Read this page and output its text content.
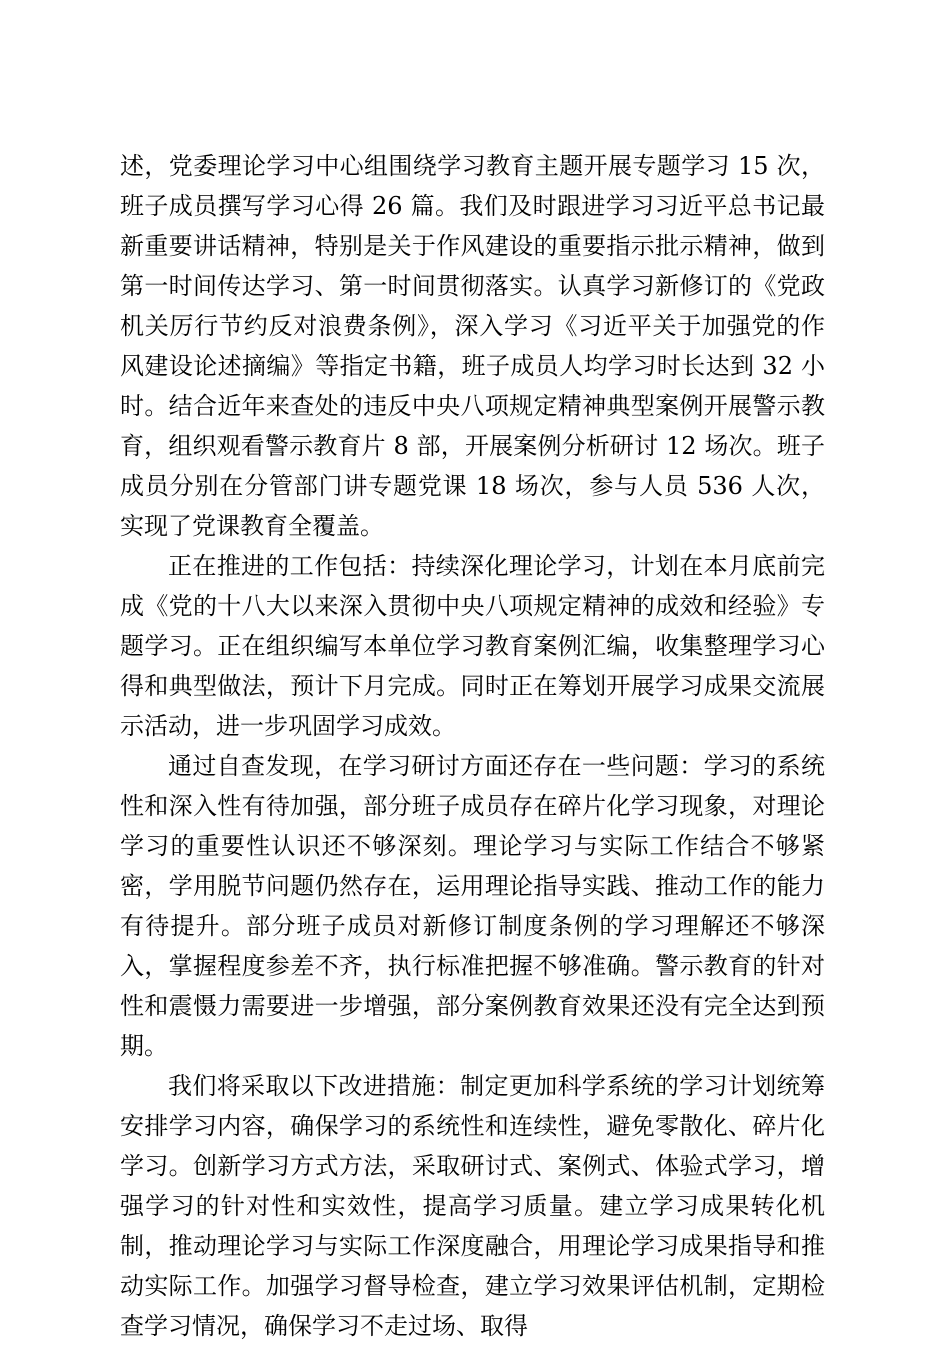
述，党委理论学习中心组围绕学习教育主题开展专题学习 15 次，班子成员撰写学习心得 26 篇。我们及时跟进学习习近平总书记最新重要讲话精神，特别是关于作风建设的重要指示批示精神，做到第一时间传达学习、第一时间贯彻落实。认真学习新修订的《党政机关厉行节约反对浪费条例》，深入学习《习近平关于加强党的作风建设论述摘编》等指定书籍，班子成员人均学习时长达到 32 小时。结合近年来查处的违反中央八项规定精神典型案例开展警示教育，组织观看警示教育片 8 部，开展案例分析研讨 12 场次。班子成员分别在分管部门讲专题党课 18 场次，参与人员 536 人次，实现了党课教育全覆盖。

正在推进的工作包括：持续深化理论学习，计划在本月底前完成《党的十八大以来深入贯彻中央八项规定精神的成效和经验》专题学习。正在组织编写本单位学习教育案例汇编，收集整理学习心得和典型做法，预计下月完成。同时正在筹划开展学习成果交流展示活动，进一步巩固学习成效。

通过自查发现，在学习研讨方面还存在一些问题：学习的系统性和深入性有待加强，部分班子成员存在碎片化学习现象，对理论学习的重要性认识还不够深刻。理论学习与实际工作结合不够紧密，学用脱节问题仍然存在，运用理论指导实践、推动工作的能力有待提升。部分班子成员对新修订制度条例的学习理解还不够深入，掌握程度参差不齐，执行标准把握不够准确。警示教育的针对性和震慑力需要进一步增强，部分案例教育效果还没有完全达到预期。

我们将采取以下改进措施：制定更加科学系统的学习计划统筹安排学习内容，确保学习的系统性和连续性，避免零散化、碎片化学习。创新学习方式方法，采取研讨式、案例式、体验式学习，增强学习的针对性和实效性，提高学习质量。建立学习成果转化机制，推动理论学习与实际工作深度融合，用理论学习成果指导和推动实际工作。加强学习督导检查，建立学习效果评估机制，定期检查学习情况，确保学习不走过场、取得
